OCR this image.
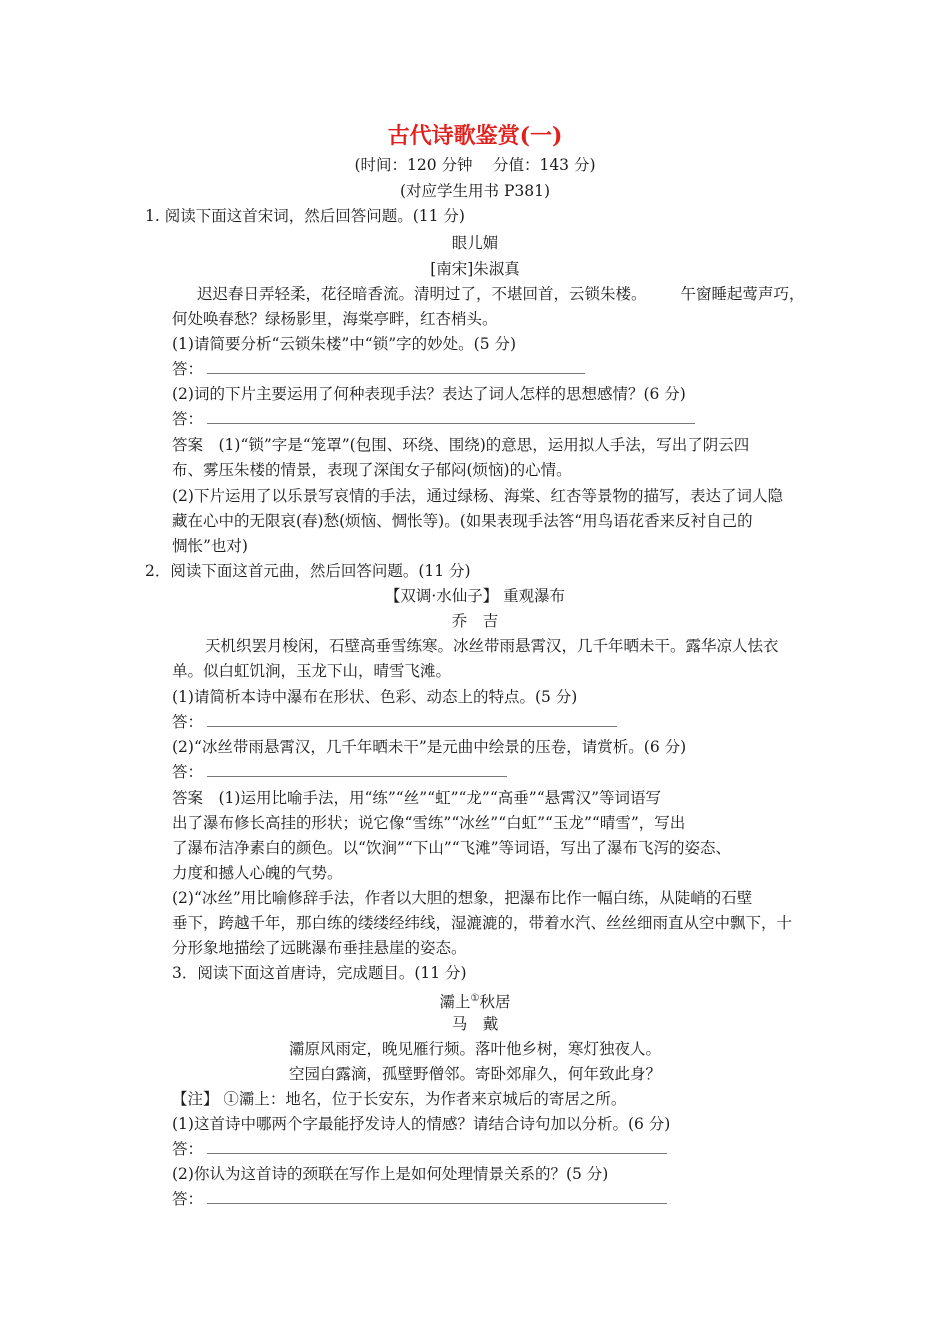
古代诗歌鉴赏(一)
(时间：120 分钟　 分值：143 分)
(对应学生用书 P381)
1. 阅读下面这首宋词，然后回答问题。(11 分)
眼儿媚
[南宋]朱淑真
迟迟春日弄轻柔，花径暗香流。清明过了，不堪回首，云锁朱楼。 午窗睡起莺声巧，
何处唤春愁？绿杨影里，海棠亭畔，红杏梢头。
(1)请简要分析“云锁朱楼”中“锁”字的妙处。(5 分)
答：
(2)词的下片主要运用了何种表现手法？表达了词人怎样的思想感情？(6 分)
答：
答案　(1)“锁”字是“笼罩”(包围、环绕、围绕)的意思，运用拟人手法，写出了阴云四
布、雾压朱楼的情景，表现了深闺女子郁闷(烦恼)的心情。
(2)下片运用了以乐景写哀情的手法，通过绿杨、海棠、红杏等景物的描写，表达了词人隐
藏在心中的无限哀(春)愁(烦恼、惆怅等)。(如果表现手法答“用鸟语花香来反衬自己的
惆怅”也对)
2．阅读下面这首元曲，然后回答问题。(11 分)
【双调·水仙子】 重观瀑布
乔　吉
天机织罢月梭闲，石壁高垂雪练寒。冰丝带雨悬霄汉，几千年晒未干。露华凉人怯衣
单。似白虹饥涧，玉龙下山，晴雪飞滩。
(1)请简析本诗中瀑布在形状、色彩、动态上的特点。(5 分)
答：
(2)“冰丝带雨悬霄汉，几千年晒未干”是元曲中绘景的压卷，请赏析。(6 分)
答：
答案　(1)运用比喻手法，用“练”“丝”“虹”“龙”“高垂”“悬霄汉”等词语写
出了瀑布修长高挂的形状；说它像“雪练”“冰丝”“白虹”“玉龙”“晴雪”，写出
了瀑布洁净素白的颜色。以“饮涧”“下山”“飞滩”等词语，写出了瀑布飞泻的姿态、
力度和撼人心魄的气势。
(2)“冰丝”用比喻修辞手法，作者以大胆的想象，把瀑布比作一幅白练，从陡峭的石壁
垂下，跨越千年，那白练的缕缕经纬线，湿漉漉的，带着水汽、丝丝细雨直从空中飘下，十
分形象地描绘了远眺瀑布垂挂悬崖的姿态。
3．阅读下面这首唐诗，完成题目。(11 分)
灞上①秋居
马　戴
灞原风雨定，晚见雁行频。落叶他乡树，寒灯独夜人。
空园白露滴，孤壁野僧邻。寄卧郊扉久，何年致此身？
【注】 ①灞上：地名，位于长安东，为作者来京城后的寄居之所。
(1)这首诗中哪两个字最能抒发诗人的情感？请结合诗句加以分析。(6 分)
答：
(2)你认为这首诗的颈联在写作上是如何处理情景关系的？(5 分)
答：
